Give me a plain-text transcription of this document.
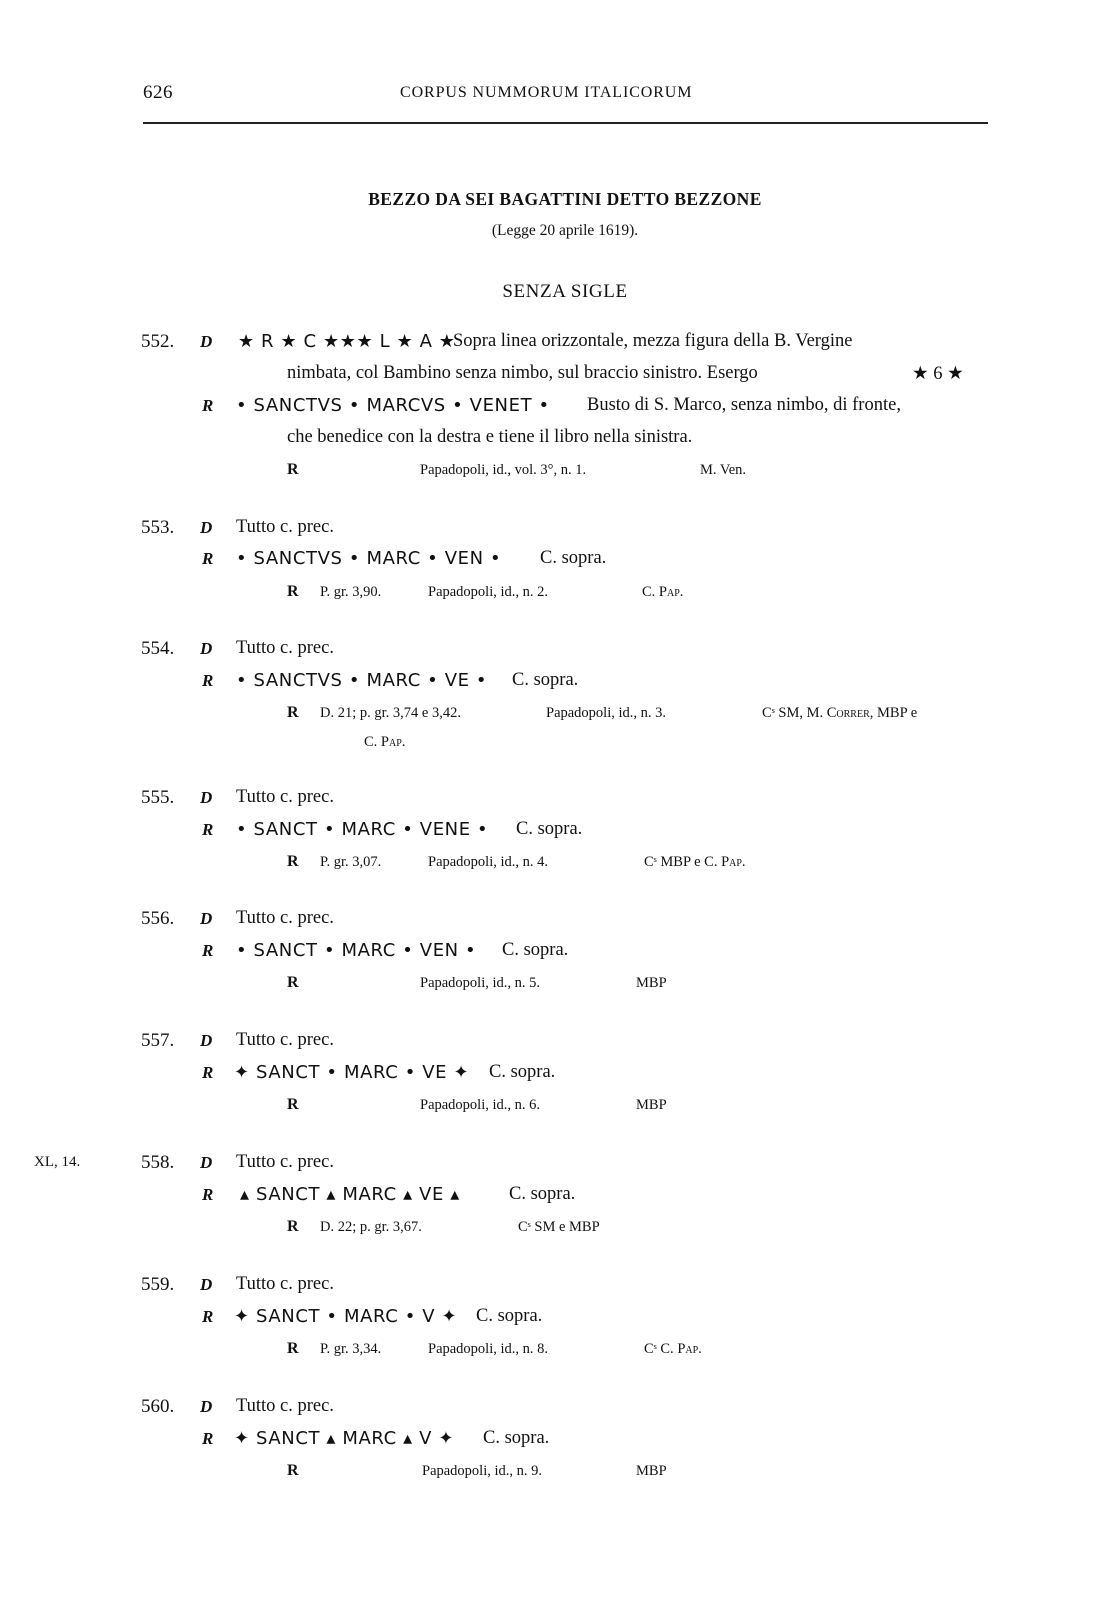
626	CORPUS NUMMORUM ITALICORUM
BEZZO DA SEI BAGATTINI DETTO BEZZONE
(Legge 20 aprile 1619).
SENZA SIGLE
552. D ★ R ★ C ★★★ L ★ A ★
Sopra linea orizzontale, mezza figura della B. Vergine
nimbata, col Bambino senza nimbo, sul braccio sinistro. Esergo	★ 6 ★
R • SANCTVS • MARCVS • VENET • Busto di S. Marco, senza nimbo, di fronte,
che benedice con la destra e tiene il libro nella sinistra.
R	Papadopoli, id., vol. 3°, n. 1.	M. Ven.
553. D Tutto c. prec.
R • SANCTVS • MARC • VEN • C. sopra.
R P. gr. 3,90.	Papadopoli, id., n. 2.	C. Pap.
554. D Tutto c. prec.
R • SANCTVS • MARC • VE • C. sopra.
R D. 21; p. gr. 3,74 e 3,42.	Papadopoli, id., n. 3.	Cˢ SM, M. Correr, MBP e
C. Pap.
555. D Tutto c. prec.
R • SANCT • MARC • VENE • C. sopra.
R P. gr. 3,07.	Papadopoli, id., n. 4.	Cˢ MBP e C. Pap.
556. D Tutto c. prec.
R • SANCT • MARC • VEN • C. sopra.
R	Papadopoli, id., n. 5.	MBP
557. D Tutto c. prec.
R ✦ SANCT • MARC • VE ✦ C. sopra.
R	Papadopoli, id., n. 6.	MBP
XL, 14.	558. D Tutto c. prec.
R ▴ SANCT ▴ MARC ▴ VE ▴	C. sopra.
R D. 22; p. gr. 3,67.	Cˢ SM e MBP
559. D Tutto c. prec.
R ✦ SANCT • MARC • V ✦ C. sopra.
R P. gr. 3,34.	Papadopoli, id., n. 8.	Cˢ C. Pap.
560. D Tutto c. prec.
R ✦ SANCT ▴ MARC ▴ V ✦ C. sopra.
R	Papadopoli, id., n. 9.	MBP
